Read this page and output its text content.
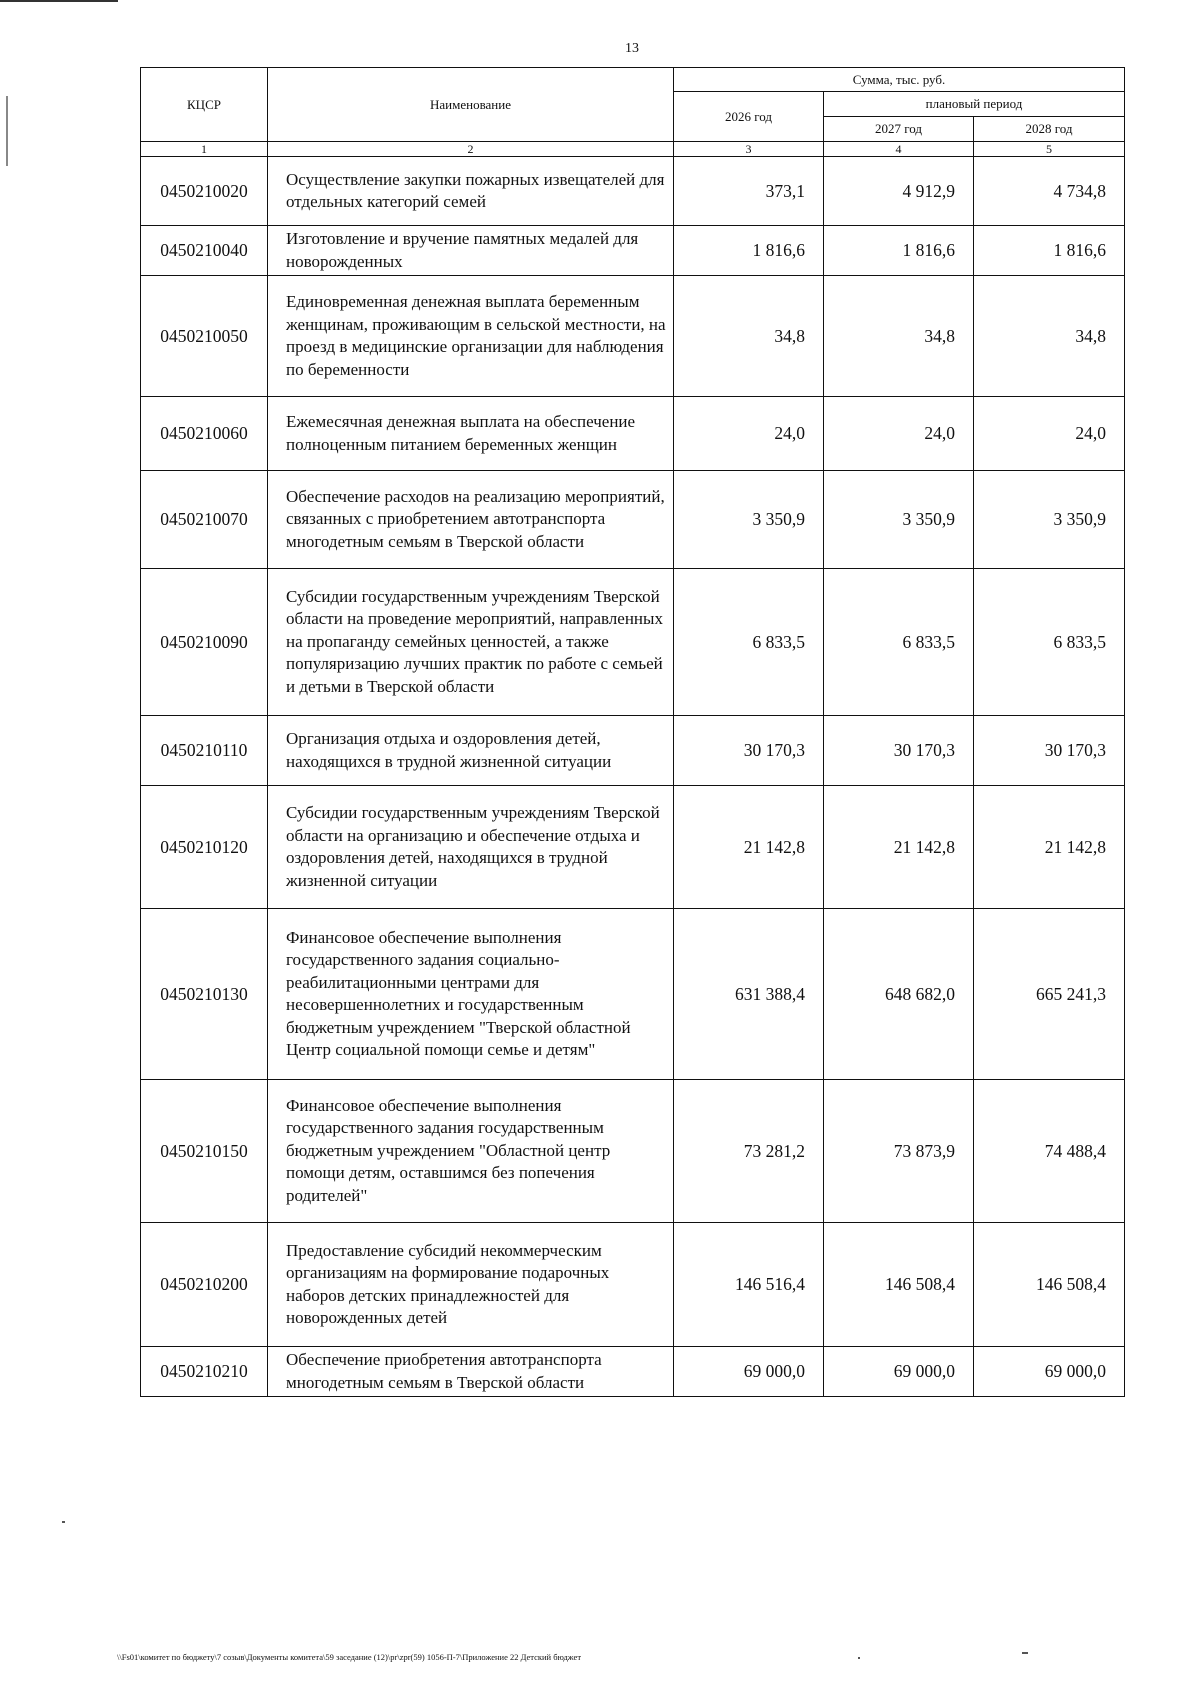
13
КЦСР	Наименование	Сумма, тыс. руб.		
		2026 год	плановый период	
			2027 год	2028 год
1	2	3	4	5
0450210020	Осуществление закупки пожарных извещателей для отдельных категорий семей	373,1	4 912,9	4 734,8
0450210040	Изготовление и вручение памятных медалей для новорожденных	1 816,6	1 816,6	1 816,6
0450210050	Единовременная денежная выплата беременным женщинам, проживающим в сельской местности, на проезд в медицинские организации для наблюдения по беременности	34,8	34,8	34,8
0450210060	Ежемесячная денежная выплата на обеспечение полноценным питанием беременных женщин	24,0	24,0	24,0
0450210070	Обеспечение расходов на реализацию мероприятий, связанных с приобретением автотранспорта многодетным семьям в Тверской области	3 350,9	3 350,9	3 350,9
0450210090	Субсидии государственным учреждениям Тверской области на проведение мероприятий, направленных на пропаганду семейных ценностей, а также популяризацию лучших практик по работе с семьей и детьми в Тверской области	6 833,5	6 833,5	6 833,5
0450210110	Организация отдыха и оздоровления детей, находящихся в трудной жизненной ситуации	30 170,3	30 170,3	30 170,3
0450210120	Субсидии государственным учреждениям Тверской области на организацию и обеспечение отдыха и оздоровления детей, находящихся в трудной жизненной ситуации	21 142,8	21 142,8	21 142,8
0450210130	Финансовое обеспечение выполнения государственного задания социально-реабилитационными центрами для несовершеннолетних и государственным бюджетным учреждением "Тверской областной Центр социальной помощи семье и детям"	631 388,4	648 682,0	665 241,3
0450210150	Финансовое обеспечение выполнения государственного задания государственным бюджетным учреждением "Областной центр помощи детям, оставшимся без попечения родителей"	73 281,2	73 873,9	74 488,4
0450210200	Предоставление субсидий некоммерческим организациям на формирование подарочных наборов детских принадлежностей для новорожденных детей	146 516,4	146 508,4	146 508,4
0450210210	Обеспечение приобретения автотранспорта многодетным семьям в Тверской области	69 000,0	69 000,0	69 000,0
\\Fs01\комитет по бюджету\7 созыв\Документы комитета\59 заседание (12)\pr\zpr(59) 1056-П-7\Приложение 22 Детский бюджет
